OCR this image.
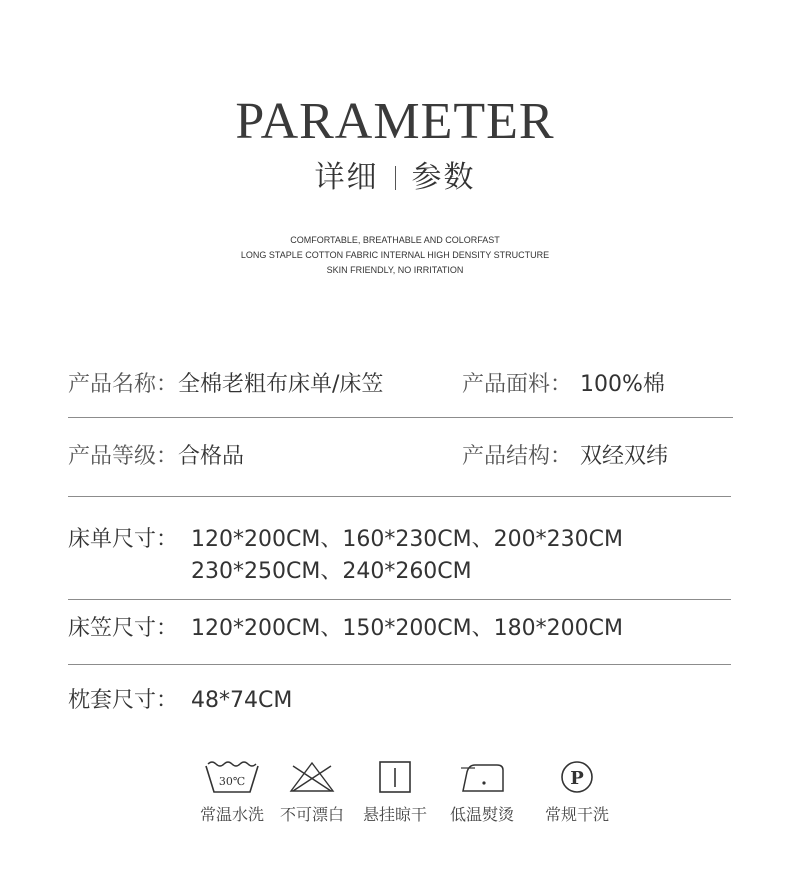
PARAMETER
详细 参数
COMFORTABLE, BREATHABLE AND COLORFAST
LONG STAPLE COTTON FABRIC INTERNAL HIGH DENSITY STRUCTURE
SKIN FRIENDLY, NO IRRITATION
产品名称：全棉老粗布床单/床笠	产品面料： 100%棉
产品等级：合格品	产品结构： 双经双纬
床单尺寸： 120*200CM、160*230CM、200*230CM
230*250CM、240*260CM
床笠尺寸： 120*200CM、150*200CM、180*200CM
枕套尺寸： 48*74CM
30℃
常温水洗 不可漂白	悬挂晾干	低温熨烫
P
常规干洗
